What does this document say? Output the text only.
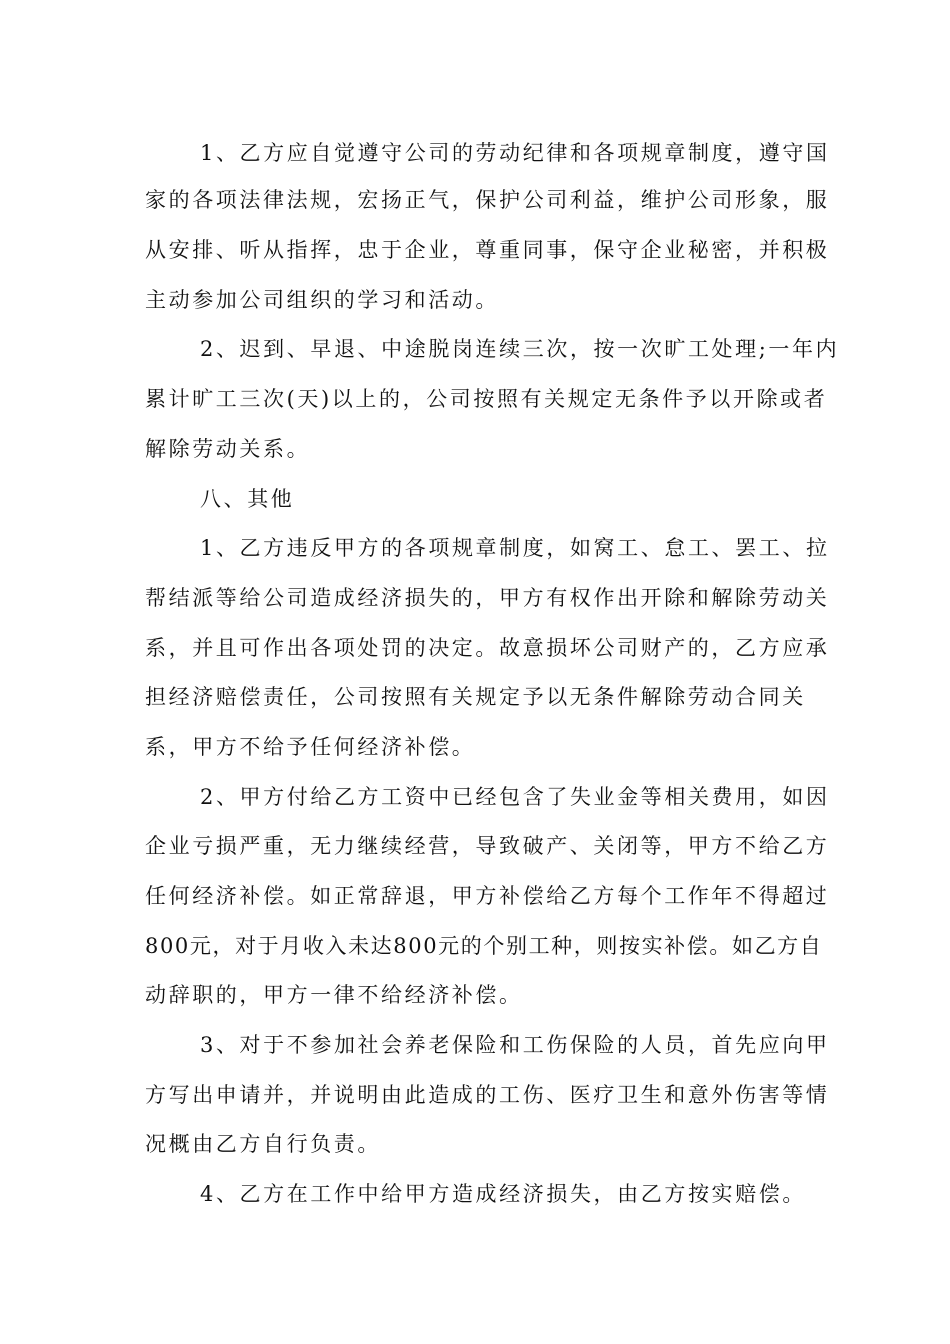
1、乙方应自觉遵守公司的劳动纪律和各项规章制度，遵守国

家的各项法律法规，宏扬正气，保护公司利益，维护公司形象，服

从安排、听从指挥，忠于企业，尊重同事，保守企业秘密，并积极

主动参加公司组织的学习和活动。

2、迟到、早退、中途脱岗连续三次，按一次旷工处理;一年内

累计旷工三次(天)以上的，公司按照有关规定无条件予以开除或者

解除劳动关系。

八、其他

1、乙方违反甲方的各项规章制度，如窝工、怠工、罢工、拉

帮结派等给公司造成经济损失的，甲方有权作出开除和解除劳动关

系，并且可作出各项处罚的决定。故意损坏公司财产的，乙方应承

担经济赔偿责任，公司按照有关规定予以无条件解除劳动合同关

系，甲方不给予任何经济补偿。

2、甲方付给乙方工资中已经包含了失业金等相关费用，如因

企业亏损严重，无力继续经营，导致破产、关闭等，甲方不给乙方

任何经济补偿。如正常辞退，甲方补偿给乙方每个工作年不得超过

800元，对于月收入未达800元的个别工种，则按实补偿。如乙方自

动辞职的，甲方一律不给经济补偿。

3、对于不参加社会养老保险和工伤保险的人员，首先应向甲

方写出申请并，并说明由此造成的工伤、医疗卫生和意外伤害等情

况概由乙方自行负责。

4、乙方在工作中给甲方造成经济损失，由乙方按实赔偿。
